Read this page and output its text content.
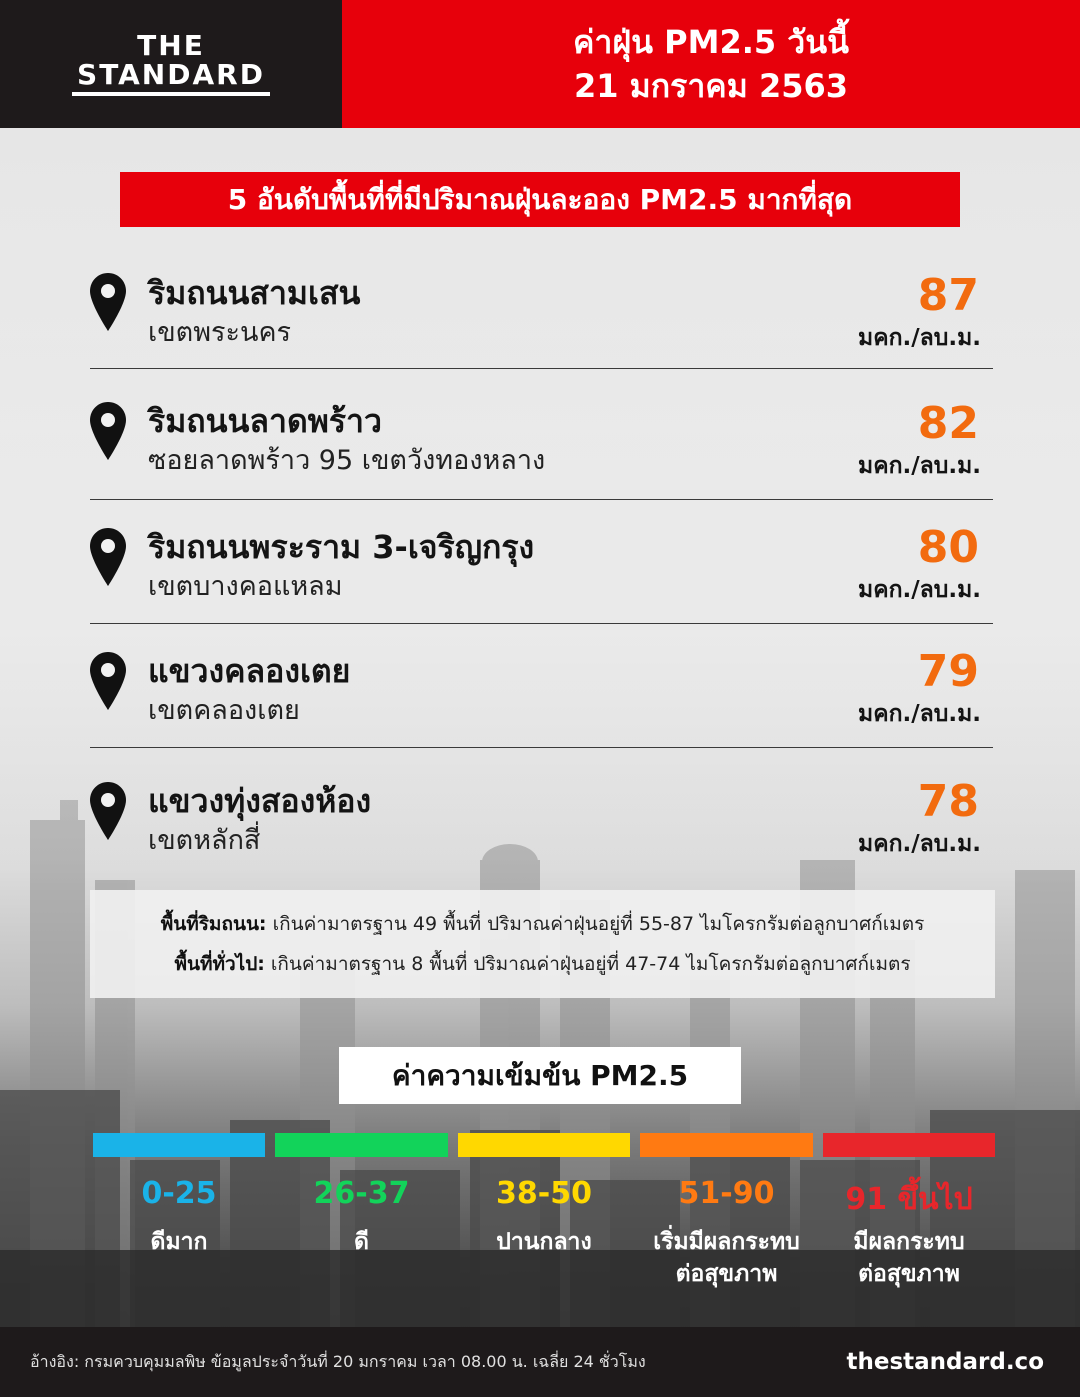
THE
STANDARD
ค่าฝุ่น PM2.5 วันนี้
21 มกราคม 2563
5 อันดับพื้นที่ที่มีปริมาณฝุ่นละออง PM2.5 มากที่สุด
ริมถนนสามเสน
เขตพระนคร
87
มคก./ลบ.ม.
ริมถนนลาดพร้าว
ซอยลาดพร้าว 95 เขตวังทองหลาง
82
มคก./ลบ.ม.
ริมถนนพระราม 3-เจริญกรุง
เขตบางคอแหลม
80
มคก./ลบ.ม.
แขวงคลองเตย
เขตคลองเตย
79
มคก./ลบ.ม.
แขวงทุ่งสองห้อง
เขตหลักสี่
78
มคก./ลบ.ม.
พื้นที่ริมถนน: เกินค่ามาตรฐาน 49 พื้นที่ ปริมาณค่าฝุ่นอยู่ที่ 55-87 ไมโครกรัมต่อลูกบาศก์เมตร
พื้นที่ทั่วไป: เกินค่ามาตรฐาน 8 พื้นที่ ปริมาณค่าฝุ่นอยู่ที่ 47-74 ไมโครกรัมต่อลูกบาศก์เมตร
ค่าความเข้มข้น PM2.5
0-25	26-37	38-50	51-90	91 ขึ้นไป
ดีมาก	ดี	ปานกลาง	เริ่มมีผลกระทบ
ต่อสุขภาพ
มีผลกระทบ
ต่อสุขภาพ
อ้างอิง: กรมควบคุมมลพิษ ข้อมูลประจำวันที่ 20 มกราคม เวลา 08.00 น. เฉลี่ย 24 ชั่วโมง	thestandard.co
